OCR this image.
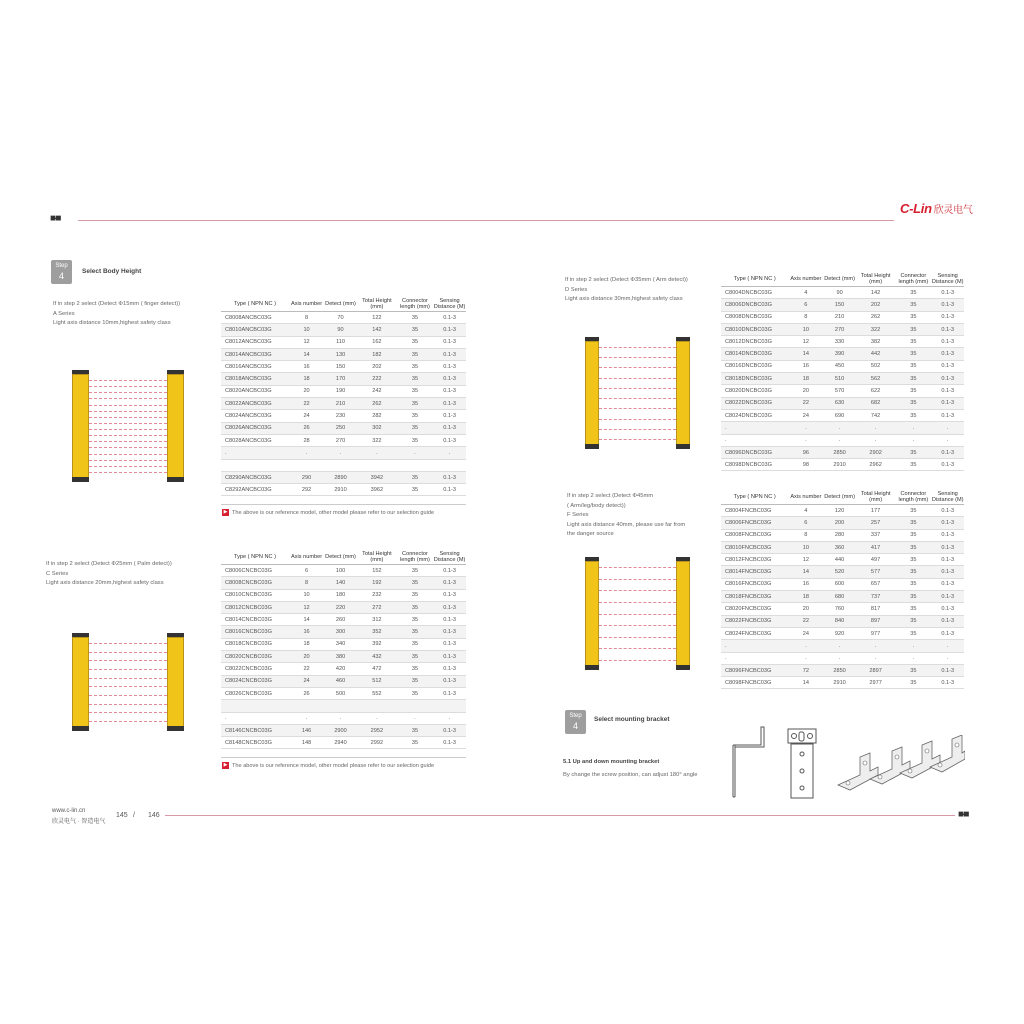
■-■
C-Lin 欣灵电气
Step
4	Select Body Height
If in step 2 select (Detect Φ15mm ( finger detect))
A Series
Light axis distance 10mm,highest safety class
Type ( NPN NC )	Axis number	Detect (mm)	Total Height (mm)	Connector length (mm)	Sensing Distance (M)
C8008ANCBC03G	8	70	122	35	0.1-3
C8010ANCBC03G	10	90	142	35	0.1-3
C8012ANCBC03G	12	110	162	35	0.1-3
C8014ANCBC03G	14	130	182	35	0.1-3
C8016ANCBC03G	16	150	202	35	0.1-3
C8018ANCBC03G	18	170	222	35	0.1-3
C8020ANCBC03G	20	190	242	35	0.1-3
C8022ANCBC03G	22	210	262	35	0.1-3
C8024ANCBC03G	24	230	282	35	0.1-3
C8026ANCBC03G	26	250	302	35	0.1-3
C8028ANCBC03G	28	270	322	35	0.1-3
.	.	.	.	.	.

C8290ANCBC03G	290	2890	3942	35	0.1-3
C8292ANCBC03G	292	2910	3962	35	0.1-3
▶ The above is our reference model, other model please refer to our selection guide
If in step 2 select (Detect Φ25mm ( Palm detect))
C Series
Light axis distance 20mm,highest safety class
Type ( NPN NC )	Axis number	Detect (mm)	Total Height (mm)	Connector length (mm)	Sensing Distance (M)
C8006CNCBC03G	6	100	152	35	0.1-3
C8008CNCBC03G	8	140	192	35	0.1-3
C8010CNCBC03G	10	180	232	35	0.1-3
C8012CNCBC03G	12	220	272	35	0.1-3
C8014CNCBC03G	14	260	312	35	0.1-3
C8016CNCBC03G	16	300	352	35	0.1-3
C8018CNCBC03G	18	340	392	35	0.1-3
C8020CNCBC03G	20	380	432	35	0.1-3
C8022CNCBC03G	22	420	472	35	0.1-3
C8024CNCBC03G	24	460	512	35	0.1-3
C8026CNCBC03G	26	500	552	35	0.1-3

.	.	.	.	.	.
C8146CNCBC03G	146	2900	2952	35	0.1-3
C8148CNCBC03G	148	2940	2992	35	0.1-3
▶ The above is our reference model, other model please refer to our selection guide
If in step 2 select (Detect Φ35mm ( Arm detect))
D Series
Light axis distance 30mm,highest safety class
Type ( NPN NC )	Axis number	Detect (mm)	Total Height (mm)	Connector length (mm)	Sensing Distance (M)
C8004DNCBC03G	4	90	142	35	0.1-3
C8006DNCBC03G	6	150	202	35	0.1-3
C8008DNCBC03G	8	210	262	35	0.1-3
C8010DNCBC03G	10	270	322	35	0.1-3
C8012DNCBC03G	12	330	382	35	0.1-3
C8014DNCBC03G	14	390	442	35	0.1-3
C8016DNCBC03G	16	450	502	35	0.1-3
C8018DNCBC03G	18	510	562	35	0.1-3
C8020DNCBC03G	20	570	622	35	0.1-3
C8022DNCBC03G	22	630	682	35	0.1-3
C8024DNCBC03G	24	690	742	35	0.1-3
.	.	.	.	.	.
.	.	.	.	.	.
C8096DNCBC03G	96	2850	2902	35	0.1-3
C8098DNCBC03G	98	2910	2962	35	0.1-3
If in step 2 select (Detect Φ45mm
( Arm/leg/body detect))
F Series
Light axis distance 40mm, please use far from
the danger source
Type ( NPN NC )	Axis number	Detect (mm)	Total Height (mm)	Connector length (mm)	Sensing Distance (M)
C8004FNCBC03G	4	120	177	35	0.1-3
C8006FNCBC03G	6	200	257	35	0.1-3
C8008FNCBC03G	8	280	337	35	0.1-3
C8010FNCBC03G	10	360	417	35	0.1-3
C8012FNCBC03G	12	440	497	35	0.1-3
C8014FNCBC03G	14	520	577	35	0.1-3
C8016FNCBC03G	16	600	657	35	0.1-3
C8018FNCBC03G	18	680	737	35	0.1-3
C8020FNCBC03G	20	760	817	35	0.1-3
C8022FNCBC03G	22	840	897	35	0.1-3
C8024FNCBC03G	24	920	977	35	0.1-3
.	.	.	.	.	.
.	.	.	.	.	.
C8096FNCBC03G	72	2850	2897	35	0.1-3
C8098FNCBC03G	14	2910	2977	35	0.1-3
Step
4
Select mounting bracket
5.1 Up and down mounting bracket
By change the screw position, can adjust 180° angle
www.c-lin.cn
欣灵电气 · 智造电气
145 / 146	■-■
